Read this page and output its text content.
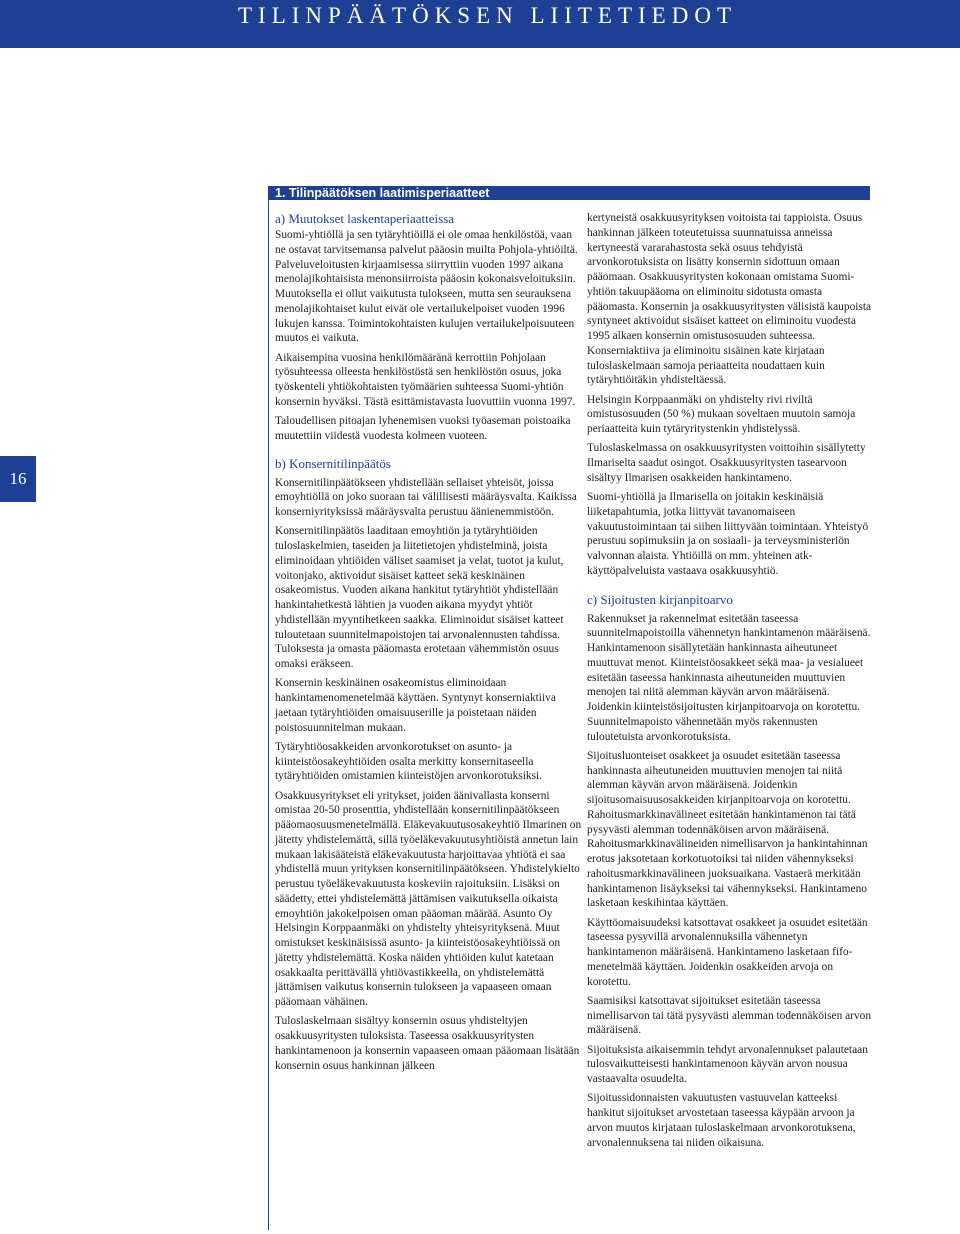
TILINPÄÄTÖKSEN LIITETIEDOT
16
1. Tilinpäätöksen laatimisperiaatteet
a) Muutokset laskentaperiaatteissa

Suomi-yhtiöllä ja sen tytäryhtiöillä ei ole omaa henkilöstöä, vaan ne ostavat tarvitsemansa palvelut pääosin muilta Pohjola-yhtiöiltä. Palveluveloitusten kirjaamisessa siirryttiin vuoden 1997 aikana menolajikohtaisista menonsiirroista pääosin kokonaisveloituksiin. Muutoksella ei ollut vaikutusta tulokseen, mutta sen seurauksena menolajikohtaiset kulut eivät ole vertailukelpoiset vuoden 1996 lukujen kanssa. Toimintokohtaisten kulujen vertailukelpoisuuteen muutos ei vaikuta.

Aikaisempina vuosina henkilömääränä kerrottiin Pohjolaan työsuhteessa olleesta henkilöstöstä sen henkilöstön osuus, joka työskenteli yhtiökohtaisten työmäärien suhteessa Suomi-yhtiön konsernin hyväksi. Tästä esittämistavasta luovuttiin vuonna 1997.

Taloudellisen pitoajan lyhenemisen vuoksi työaseman poistoaika muutettiin viidestä vuodesta kolmeen vuoteen.

b) Konsernitilinpäätös

Konsernitilinpäätökseen yhdistellään sellaiset yhteisöt, joissa emoyhtiöllä on joko suoraan tai välillisesti määräysvalta. Kaikissa konserniyrityksissä määräysvalta perustuu äänienemmistöön.

Konsernitilinpäätös laaditaan emoyhtiön ja tytäryhtiöiden tuloslaskelmien, taseiden ja liitetietojen yhdistelminä, joista eliminoidaan yhtiöiden väliset saamiset ja velat, tuotot ja kulut, voitonjako, aktivoidut sisäiset katteet sekä keskinäinen osakeomistus. Vuoden aikana hankitut tytäryhtiöt yhdistellään hankintahetkestä lähtien ja vuoden aikana myydyt yhtiöt yhdistellään myyntihetkeen saakka. Eliminoidut sisäiset katteet tuloutetaan suunnitelmapoistojen tai arvonalennusten tahdissa. Tuloksesta ja omasta pääomasta erotetaan vähemmistön osuus omaksi eräkseen.

Konsernin keskinäinen osakeomistus eliminoidaan hankintamenomenetelmää käyttäen. Syntynyt konserniaktiiva jaetaan tytäryhtiöiden omaisuuserille ja poistetaan näiden poistosuunnitelman mukaan.

Tytäryhtiöosakkeiden arvonkorotukset on asunto- ja kiinteistöosakeyhtiöiden osalta merkitty konsernitaseella tytäryhtiöiden omistamien kiinteistöjen arvonkorotuksiksi.

Osakkuusyritykset eli yritykset, joiden äänivallasta konserni omistaa 20-50 prosenttia, yhdistellään konsernitilinpäätökseen pääomaosuusmenetelmällä. Eläkevakuutusosakeyhtiö Ilmarinen on jätetty yhdistelemättä, sillä työeläkevakuutusyhtiöistä annetun lain mukaan lakisääteistä eläkevakuutusta harjoittavaa yhtiötä ei saa yhdistellä muun yrityksen konsernitilinpäätökseen. Yhdistelykielto perustuu työeläkevakuutusta koskeviin rajoituksiin. Lisäksi on säädetty, ettei yhdistelemättä jättämisen vaikutuksella oikaista emoyhtiön jakokelpoisen oman pääoman määrää. Asunto Oy Helsingin Korppaanmäki on yhdistelty yhteisyrityksenä. Muut omistukset keskinäisissä asunto- ja kiinteistöosakeyhtiöissä on jätetty yhdistelemättä. Koska näiden yhtiöiden kulut katetaan osakkaalta perittävällä yhtiövastikkeella, on yhdistelemättä jättämisen vaikutus konsernin tulokseen ja vapaaseen omaan pääomaan vähäinen.

Tuloslaskelmaan sisältyy konsernin osuus yhdisteltyjen osakkuusyritysten tuloksista. Taseessa osakkuusyritysten hankintamenoon ja konsernin vapaaseen omaan pääomaan lisätään konsernin osuus hankinnan jälkeen

kertyneistä osakkuusyrityksen voitoista tai tappioista. Osuus hankinnan jälkeen toteutetuissa suunnatuissa anneissa kertyneestä vararahastosta sekä osuus tehdyistä arvonkorotuksista on lisätty konsernin sidottuun omaan pääomaan. Osakkuusyritysten kokonaan omistama Suomi-yhtiön takuupääoma on eliminoitu sidotusta omasta pääomasta. Konsernin ja osakkuusyritysten välisistä kaupoista syntyneet aktivoidut sisäiset katteet on eliminoitu vuodesta 1995 alkaen konsernin omistusosuuden suhteessa. Konserniaktiiva ja eliminoitu sisäinen kate kirjataan tuloslaskelmaan samoja periaatteita noudattaen kuin tytäryhtiöitäkin yhdisteltäessä.

Helsingin Korppaanmäki on yhdistelty rivi riviltä omistusosuuden (50 %) mukaan soveltaen muutoin samoja periaatteita kuin tytäryritystenkin yhdistelyssä.

Tuloslaskelmassa on osakkuusyritysten voittoihin sisällytetty Ilmariselta saadut osingot. Osakkuusyritysten tasearvoon sisältyy Ilmarisen osakkeiden hankintameno.

Suomi-yhtiöllä ja Ilmarisella on joitakin keskinäisiä liiketapahtumia, jotka liittyvät tavanomaiseen vakuutustoimintaan tai siihen liittyvään toimintaan. Yhteistyö perustuu sopimuksiin ja on sosiaali- ja terveysministeriön valvonnan alaista. Yhtiöillä on mm. yhteinen atk-käyttöpalveluista vastaava osakkuusyhtiö.

c) Sijoitusten kirjanpitoarvo

Rakennukset ja rakennelmat esitetään taseessa suunnitelmapoistoilla vähennetyn hankintamenon määräisenä. Hankintamenoon sisällytetään hankinnasta aiheutuneet muuttuvat menot. Kiinteistöosakkeet sekä maa- ja vesialueet esitetään taseessa hankinnasta aiheutuneiden muuttuvien menojen tai niitä alemman käyvän arvon määräisenä. Joidenkin kiinteistösijoitusten kirjanpitoarvoja on korotettu. Suunnitelmapoisto vähennetään myös rakennusten tuloutetuista arvonkorotuksista.

Sijoitusluonteiset osakkeet ja osuudet esitetään taseessa hankinnasta aiheutuneiden muuttuvien menojen tai niitä alemman käyvän arvon määräisenä. Joidenkin sijoitusomaisuusosakkeiden kirjanpitoarvoja on korotettu. Rahoitusmarkkinavälineet esitetään hankintamenon tai tätä pysyvästi alemman todennäköisen arvon määräisenä. Rahoitusmarkkinavälineiden nimellisarvon ja hankintahinnan erotus jaksotetaan korkotuotoiksi tai niiden vähennykseksi rahoitusmarkkinavälineen juoksuaikana. Vastaerä merkitään hankintamenon lisäykseksi tai vähennykseksi. Hankintameno lasketaan keskihintaa käyttäen.

Käyttöomaisuudeksi katsottavat osakkeet ja osuudet esitetään taseessa pysyvillä arvonalennuksilla vähennetyn hankintamenon määräisenä. Hankintameno lasketaan fifo-menetelmää käyttäen. Joidenkin osakkeiden arvoja on korotettu.

Saamisiksi katsottavat sijoitukset esitetään taseessa nimellisarvon tai tätä pysyvästi alemman todennäköisen arvon määräisenä.

Sijoituksista aikaisemmin tehdyt arvonalennukset palautetaan tulosvaikutteisesti hankintamenoon käyvän arvon nousua vastaavalta osuudelta.

Sijoitussidonnaisten vakuutusten vastuuvelan katteeksi hankitut sijoitukset arvostetaan taseessa käypään arvoon ja arvon muutos kirjataan tuloslaskelmaan arvonkorotuksena, arvonalennuksena tai niiden oikaisuna.
